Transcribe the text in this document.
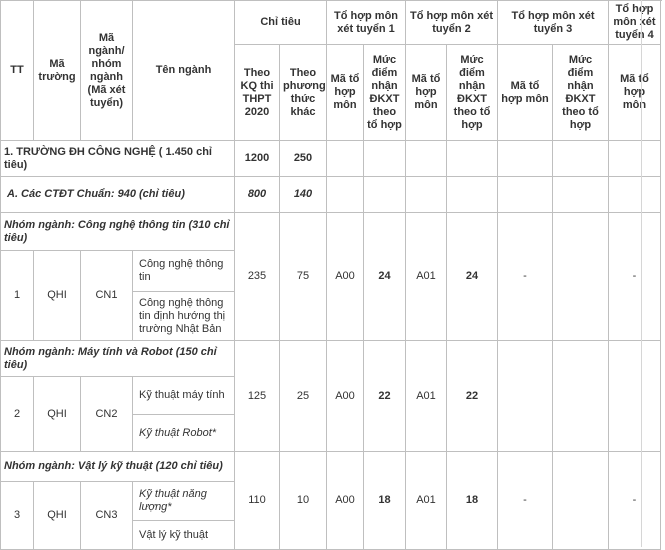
TT	Mã trường	Mã ngành/ nhóm ngành (Mã xét tuyển)	Tên ngành	Chỉ tiêu		Tổ hợp môn xét tuyển 1		Tổ hợp môn xét tuyển 2		Tổ hợp môn xét tuyển 3		Tổ hợp môn xét tuyển 4	
				Theo KQ thi THPT 2020	Theo phương thức khác	Mã tổ hợp môn	Mức điểm nhận ĐKXT theo tổ hợp	Mã tổ hợp môn	Mức điểm nhận ĐKXT theo tổ hợp	Mã tổ hợp môn	Mức điểm nhận ĐKXT theo tổ hợp	Mã tổ hợp môn	
1. TRƯỜNG ĐH CÔNG NGHỆ ( 1.450 chỉ tiêu)				1200	250								
A. Các CTĐT Chuẩn: 940 (chỉ tiêu)				800	140								
Nhóm ngành: Công nghệ thông tin (310 chỉ tiêu)				235	75	A00	24	A01	24	-		-	
1	QHI	CN1	Công nghệ thông tin
Công nghệ thông tin định hướng thị trường Nhật Bản										

Nhóm ngành: Máy tính và Robot (150 chỉ tiêu)				125	25	A00	22	A01	22				
2	QHI	CN2	Kỹ thuật máy tính
Kỹ thuật Robot*										

Nhóm ngành: Vật lý kỹ thuật (120 chỉ tiêu)				110	10	A00	18	A01	18	-		-	
3	QHI	CN3	Kỹ thuật năng lượng*
Vật lý kỹ thuật										
